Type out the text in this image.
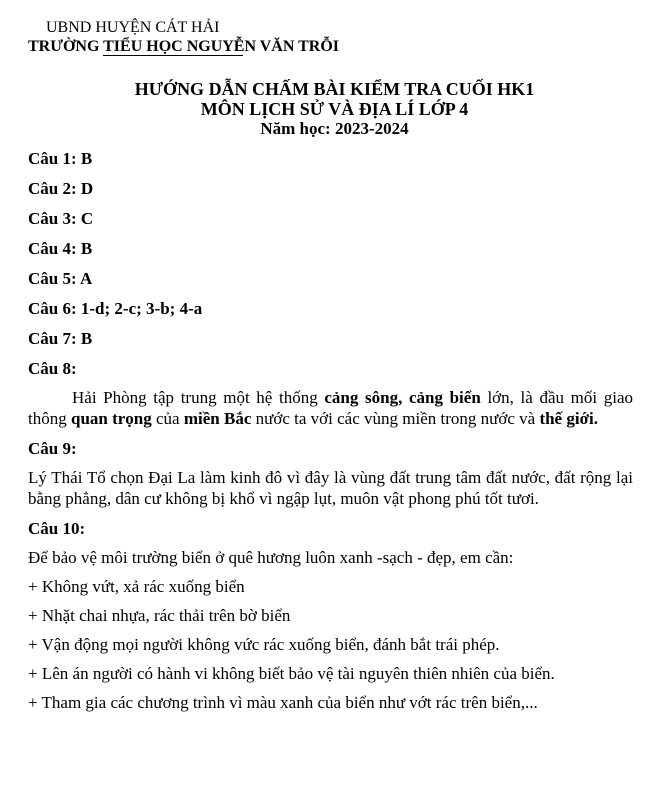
UBND HUYỆN CÁT HẢI
TRƯỜNG TIỂU HỌC NGUYỄN VĂN TRỖI
HƯỚNG DẪN CHẤM BÀI KIỂM TRA CUỐI HK1
MÔN LỊCH SỬ VÀ ĐỊA LÍ LỚP 4
Năm học: 2023-2024

Câu 1: B

Câu 2: D

Câu 3: C

Câu 4: B

Câu 5: A

Câu 6: 1-d; 2-c; 3-b; 4-a

Câu 7: B

Câu 8:

Hải Phòng tập trung một hệ thống cảng sông, cảng biển lớn, là đầu mối giao thông quan trọng của miền Bắc nước ta với các vùng miền trong nước và thế giới.

Câu 9:

Lý Thái Tổ chọn Đại La làm kinh đô vì đây là vùng đất trung tâm đất nước, đất rộng lại bằng phẳng, dân cư không bị khổ vì ngập lụt, muôn vật phong phú tốt tươi.

Câu 10:

Để bảo vệ môi trường biển ở quê hương luôn xanh -sạch - đẹp, em cần:

+ Không vứt, xả rác xuống biển

+ Nhặt chai nhựa, rác thải trên bờ biển

+ Vận động mọi người không vức rác xuống biển, đánh bắt trái phép.

+ Lên án người có hành vi không biết bảo vệ tài nguyên thiên nhiên của biển.

+ Tham gia các chương trình vì màu xanh của biển như vớt rác trên biển,...
